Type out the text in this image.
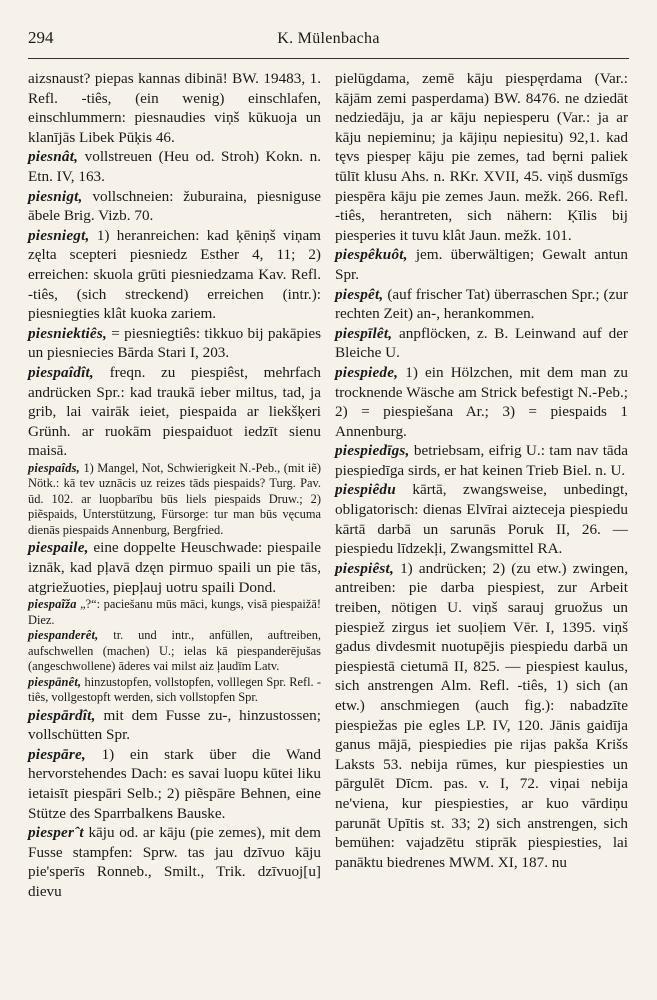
294	K. Mülenbacha

aizsnaust? piepas kannas dibinā! BW. 19483, 1. Refl. -tiês, (ein wenig) einschlafen, einschlummern: piesnaudies viņš kūkuoja un klanījās Libek Pūķis 46.

piesnât, vollstreuen (Heu od. Stroh) Kokn. n. Etn. IV, 163.

piesnigt, vollschneien: žuburaina, piesniguse ābele Brig. Vizb. 70.

piesniegt, 1) heranreichen: kad ķēniņš viņam zęlta scepteri piesniedz Esther 4, 11; 2) erreichen: skuola grūti piesniedzama Kav. Refl. -tiês, (sich streckend) erreichen (intr.): piesniegties klât kuoka zariem.

piesniektiês, = piesniegtiês: tikkuo bij pakāpies un piesniecies Bārda Stari I, 203.

piespaîdît, freqn. zu piespiêst, mehrfach andrücken Spr.: kad traukā ieber miltus, tad, ja grib, lai vairāk ieiet, piespaida ar liekšķeri Grünh. ar ruokām piespaiduot iedzīt sienu maisā.

piespaîds, 1) Mangel, Not, Schwierigkeit N.-Peb., (mit iẽ) Nötk.: kā tev uznācis uz reizes tāds piespaids? Turg. Pav. ūd. 102. ar luopbarību būs liels piespaids Druw.; 2) piẽspaids, Unterstützung, Fürsorge: tur man būs vęcuma dienās piespaids Annenburg, Bergfried.

piespaile, eine doppelte Heuschwade: piespaile iznāk, kad pļavā dzęn pirmuo spaili un pie tās, atgriežuoties, piepļauj uotru spaili Dond.

piespaĩža „?“: paciešanu mūs māci, kungs, visā piespaižā! Diez.

piespanderêt, tr. und intr., anfüllen, auftreiben, aufschwellen (machen) U.; ielas kā piespanderējušas (angeschwollene) āderes vai milst aiz ļaudīm Latv.

piespānêt, hinzustopfen, vollstopfen, volllegen Spr. Refl. -tiês, vollgestopft werden, sich vollstopfen Spr.

piespārdît, mit dem Fusse zu-, hinzustossen; vollschütten Spr.

piespāre, 1) ein stark über die Wand hervorstehendes Dach: es savai luopu kūtei liku ietaisīt piespāri Selb.; 2) piẽspāre Behnen, eine Stütze des Sparrbalkens Bauske.

piesperˆt kāju od. ar kāju (pie zemes), mit dem Fusse stampfen: Sprw. tas jau dzīvuo kāju pie'sperīs Ronneb., Smilt., Trik. dzīvuoj[u] dievu

pielūgdama, zemē kāju piespęrdama (Var.: kājām zemi pasperdama) BW. 8476. ne dziedāt nedziedāju, ja ar kāju nepiesperu (Var.: ja ar kāju nepieminu; ja kājiņu nepiesitu) 92,1. kad tęvs piespeŗ kāju pie zemes, tad bęrni paliek tūlīt klusu Ahs. n. RKr. XVII, 45. viņš dusmīgs piespēra kāju pie zemes Jaun. mežk. 266. Refl. -tiês, herantreten, sich nähern: Ķīlis bij piesperies it tuvu klât Jaun. mežk. 101.

piespêkuôt, jem. überwältigen; Gewalt antun Spr.

piespêt, (auf frischer Tat) überraschen Spr.; (zur rechten Zeit) an-, herankommen.

piespīlêt, anpflöcken, z. B. Leinwand auf der Bleiche U.

piespiede, 1) ein Hölzchen, mit dem man zu trocknende Wäsche am Strick befestigt N.-Peb.; 2) = piespiešana Ar.; 3) = piespaids 1 Annenburg.

piespiedīgs, betriebsam, eifrig U.: tam nav tāda piespiedīga sirds, er hat keinen Trieb Biel. n. U.

piespiêdu kārtā, zwangsweise, unbedingt, obligatorisch: dienas Elvīrai aizteceja piespiedu kārtā darbā un sarunās Poruk II, 26. — piespiedu līdzekļi, Zwangsmittel RA.

piespiêst, 1) andrücken; 2) (zu etw.) zwingen, antreiben: pie darba piespiest, zur Arbeit treiben, nötigen U. viņš sarauj gruožus un piespiež zirgus iet suoļiem Vēr. I, 1395. viņš gadus divdesmit nuotupējis piespiedu darbā un piespiestā cietumā II, 825. — piespiest kaulus, sich anstrengen Alm. Refl. -tiês, 1) sich (an etw.) anschmiegen (auch fig.): nabadzīte piespiežas pie egles LP. IV, 120. Jānis gaidīja ganus mājā, piespiedies pie rijas pakša Krišs Laksts 53. nebija rūmes, kur piespiesties un pārgulēt Dīcm. pas. v. I, 72. viņai nebija ne'viena, kur piespiesties, ar kuo vārdiņu parunāt Upītis st. 33; 2) sich anstrengen, sich bemühen: vajadzētu stiprāk piespiesties, lai panāktu biedrenes MWM. XI, 187. nu
